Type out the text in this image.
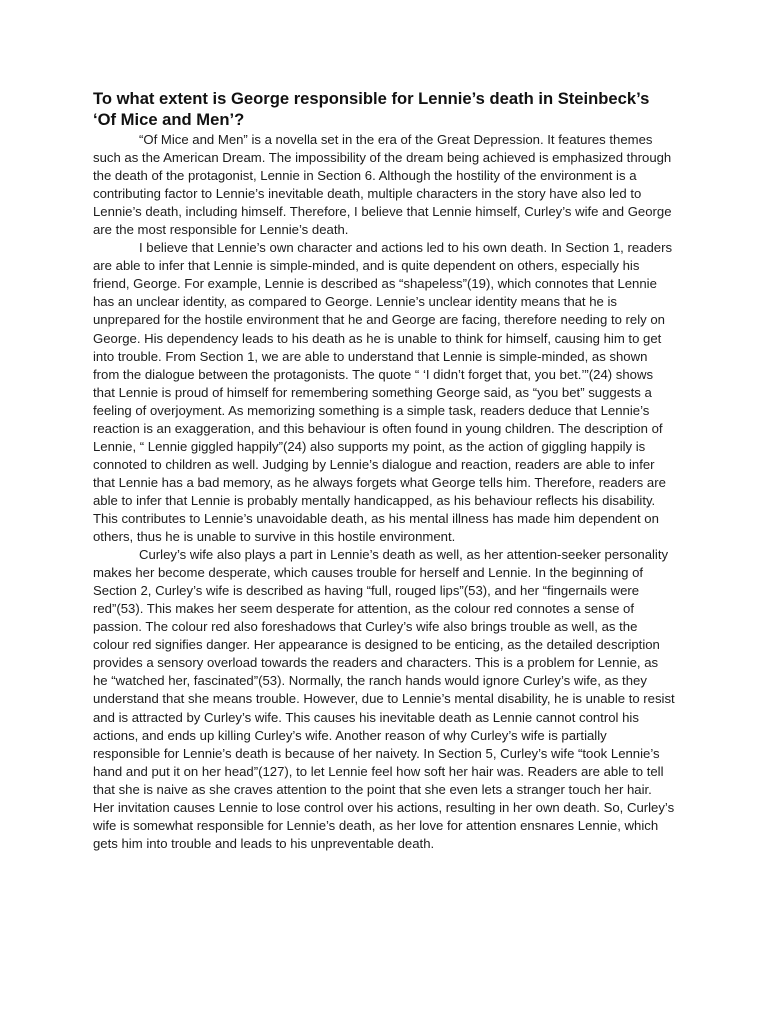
To what extent is George responsible for Lennie’s death in Steinbeck’s ‘Of Mice and Men’?

“Of Mice and Men” is a novella set in the era of the Great Depression. It features themes such as the American Dream. The impossibility of the dream being achieved is emphasized through the death of the protagonist, Lennie in Section 6. Although the hostility of the environment is a contributing factor to Lennie’s inevitable death, multiple characters in the story have also led to Lennie’s death, including himself. Therefore, I believe that Lennie himself, Curley’s wife and George are the most responsible for Lennie’s death.

I believe that Lennie’s own character and actions led to his own death. In Section 1, readers are able to infer that Lennie is simple-minded, and is quite dependent on others, especially his friend, George. For example, Lennie is described as “shapeless”(19), which connotes that Lennie has an unclear identity, as compared to George. Lennie’s unclear identity means that he is unprepared for the hostile environment that he and George are facing, therefore needing to rely on George. His dependency leads to his death as he is unable to think for himself, causing him to get into trouble. From Section 1, we are able to understand that Lennie is simple-minded, as shown from the dialogue between the protagonists. The quote “ ‘I didn’t forget that, you bet.’”(24) shows that Lennie is proud of himself for remembering something George said, as “you bet” suggests a feeling of overjoyment. As memorizing something is a simple task, readers deduce that Lennie’s reaction is an exaggeration, and this behaviour is often found in young children. The description of Lennie, “ Lennie giggled happily”(24) also supports my point, as the action of giggling happily is connoted to children as well. Judging by Lennie’s dialogue and reaction, readers are able to infer that Lennie has a bad memory, as he always forgets what George tells him. Therefore, readers are able to infer that Lennie is probably mentally handicapped, as his behaviour reflects his disability. This contributes to Lennie’s unavoidable death, as his mental illness has made him dependent on others, thus he is unable to survive in this hostile environment.

Curley’s wife also plays a part in Lennie’s death as well, as her attention-seeker personality makes her become desperate, which causes trouble for herself and Lennie. In the beginning of Section 2, Curley’s wife is described as having “full, rouged lips”(53), and her “fingernails were red”(53). This makes her seem desperate for attention, as the colour red connotes a sense of passion. The colour red also foreshadows that Curley’s wife also brings trouble as well, as the colour red signifies danger. Her appearance is designed to be enticing, as the detailed description provides a sensory overload towards the readers and characters. This is a problem for Lennie, as he “watched her, fascinated”(53). Normally, the ranch hands would ignore Curley’s wife, as they understand that she means trouble. However, due to Lennie’s mental disability, he is unable to resist and is attracted by Curley’s wife. This causes his inevitable death as Lennie cannot control his actions, and ends up killing Curley’s wife. Another reason of why Curley’s wife is partially responsible for Lennie’s death is because of her naivety. In Section 5, Curley’s wife “took Lennie’s hand and put it on her head”(127), to let Lennie feel how soft her hair was. Readers are able to tell that she is naive as she craves attention to the point that she even lets a stranger touch her hair. Her invitation causes Lennie to lose control over his actions, resulting in her own death. So, Curley’s wife is somewhat responsible for Lennie’s death, as her love for attention ensnares Lennie, which gets him into trouble and leads to his unpreventable death.
